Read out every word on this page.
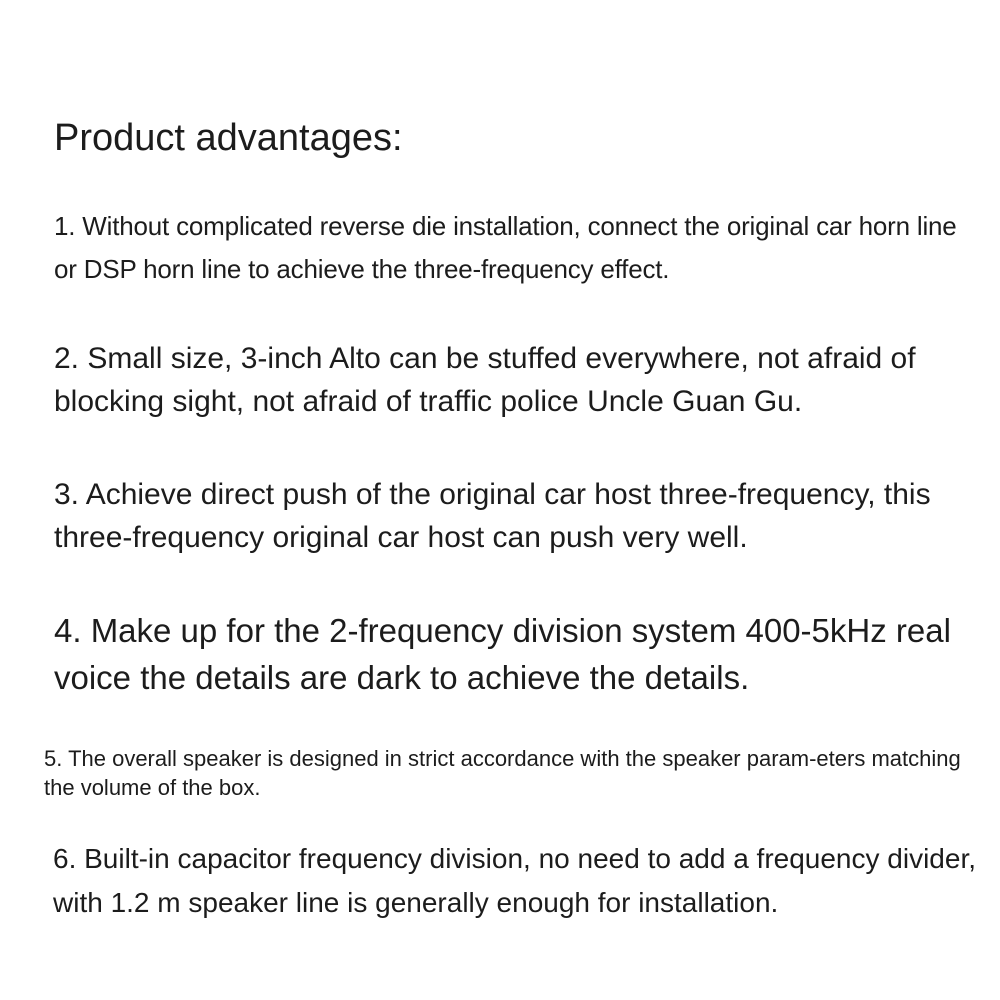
Product advantages:

1. Without complicated reverse die installation, connect the original car horn line or DSP horn line to achieve the three-frequency effect.

2. Small size, 3-inch Alto can be stuffed everywhere, not afraid of blocking sight, not afraid of traffic police Uncle Guan Gu.

3. Achieve direct push of the original car host three-frequency, this three-frequency original car host can push very well.

4. Make up for the 2-frequency division system 400-5kHz real voice the details are dark to achieve the details.

5. The overall speaker is designed in strict accordance with the speaker param-eters matching the volume of the box.

6. Built-in capacitor frequency division, no need to add a frequency divider, with 1.2 m speaker line is generally enough for installation.
